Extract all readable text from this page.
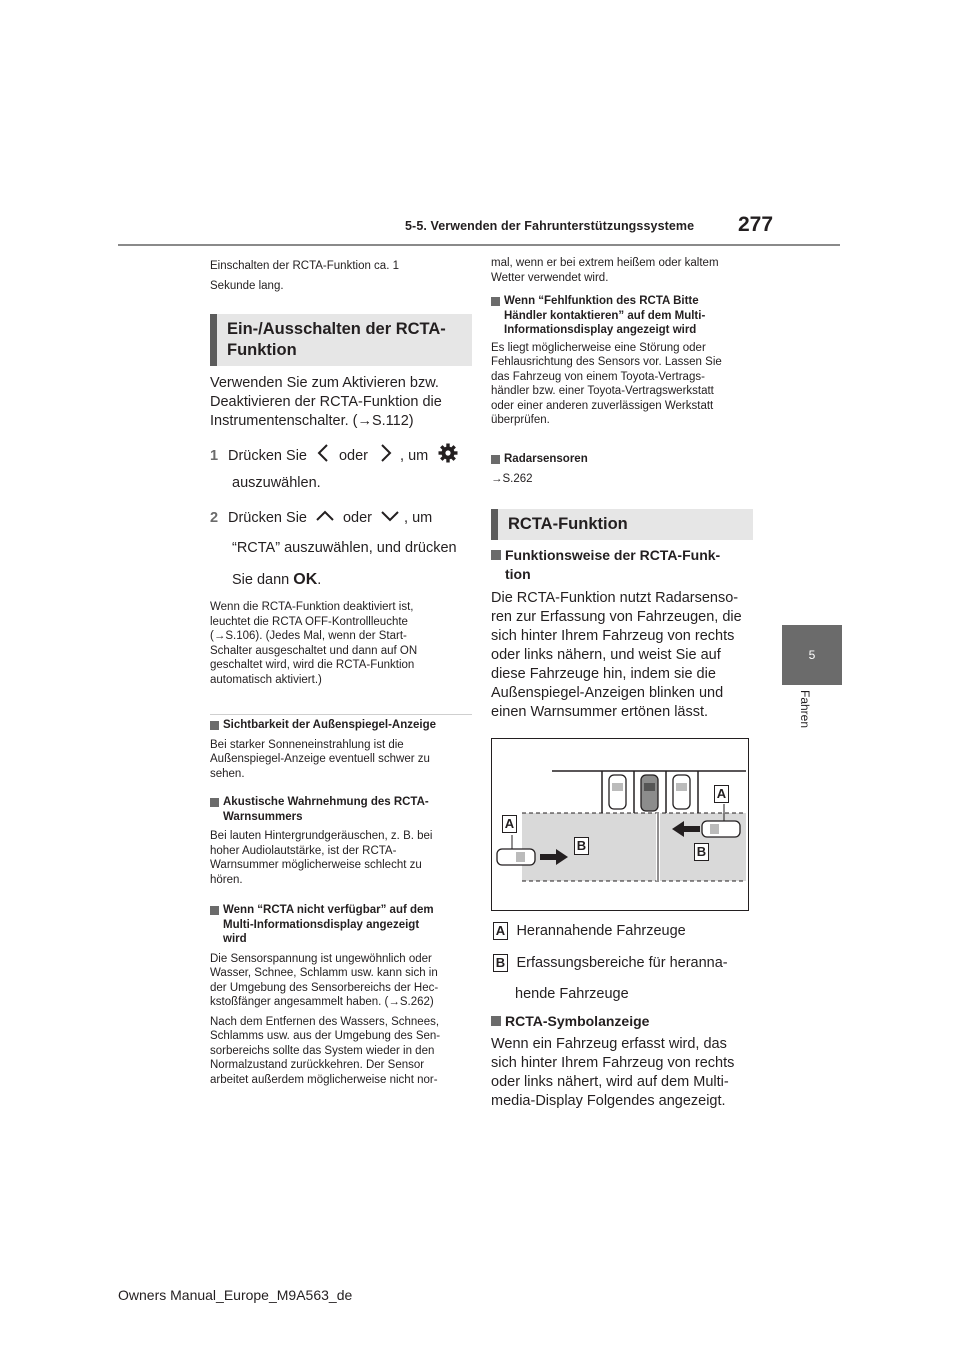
5-5. Verwenden der Fahrunterstützungssysteme 277
5
Fahren

Einschalten der RCTA-Funktion ca. 1

Sekunde lang.

Ein-/Ausschalten der RCTA-
Funktion

Verwenden Sie zum Aktivieren bzw.

Deaktivieren der RCTA-Funktion die

Instrumentenschalter. (→S.112)

1 Drücken Sie oder , um
auszuwählen.
2 Drücken Sie oder , um
“RCTA” auszuwählen, und drücken
Sie dann OK.

Wenn die RCTA-Funktion deaktiviert ist,

leuchtet die RCTA OFF-Kontrollleuchte

(→S.106). (Jedes Mal, wenn der Start-

Schalter ausgeschaltet und dann auf ON

geschaltet wird, wird die RCTA-Funktion

automatisch aktiviert.)

Sichtbarkeit der Außenspiegel-Anzeige

Bei starker Sonneneinstrahlung ist die

Außenspiegel-Anzeige eventuell schwer zu

sehen.

Akustische Wahrnehmung des RCTA-
Warnsummers

Bei lauten Hintergrundgeräuschen, z. B. bei

hoher Audiolautstärke, ist der RCTA-

Warnsummer möglicherweise schlecht zu

hören.

Wenn “RCTA nicht verfügbar” auf dem
Multi-Informationsdisplay angezeigt
wird

Die Sensorspannung ist ungewöhnlich oder

Wasser, Schnee, Schlamm usw. kann sich in

der Umgebung des Sensorbereichs der Hec-

kstoßfänger angesammelt haben. (→S.262)

Nach dem Entfernen des Wassers, Schnees,

Schlamms usw. aus der Umgebung des Sen-

sorbereichs sollte das System wieder in den

Normalzustand zurückkehren. Der Sensor

arbeitet außerdem möglicherweise nicht nor-

mal, wenn er bei extrem heißem oder kaltem

Wetter verwendet wird.

Wenn “Fehlfunktion des RCTA Bitte
Händler kontaktieren” auf dem Multi-
Informationsdisplay angezeigt wird

Es liegt möglicherweise eine Störung oder

Fehlausrichtung des Sensors vor. Lassen Sie

das Fahrzeug von einem Toyota-Vertrags-

händler bzw. einer Toyota-Vertragswerkstatt

oder einer anderen zuverlässigen Werkstatt

überprüfen.

Radarsensoren

→S.262

RCTA-Funktion
Funktionsweise der RCTA-Funk-
tion

Die RCTA-Funktion nutzt Radarsenso-

ren zur Erfassung von Fahrzeugen, die

sich hinter Ihrem Fahrzeug von rechts

oder links nähern, und weist Sie auf

diese Fahrzeuge hin, indem sie die

Außenspiegel-Anzeigen blinken und

einen Warnsummer ertönen lässt.

A
A
B	B
A Herannahende Fahrzeuge
B Erfassungsbereiche für heranna-
hende Fahrzeuge
RCTA-Symbolanzeige

Wenn ein Fahrzeug erfasst wird, das

sich hinter Ihrem Fahrzeug von rechts

oder links nähert, wird auf dem Multi-

media-Display Folgendes angezeigt.

Owners Manual_Europe_M9A563_de
